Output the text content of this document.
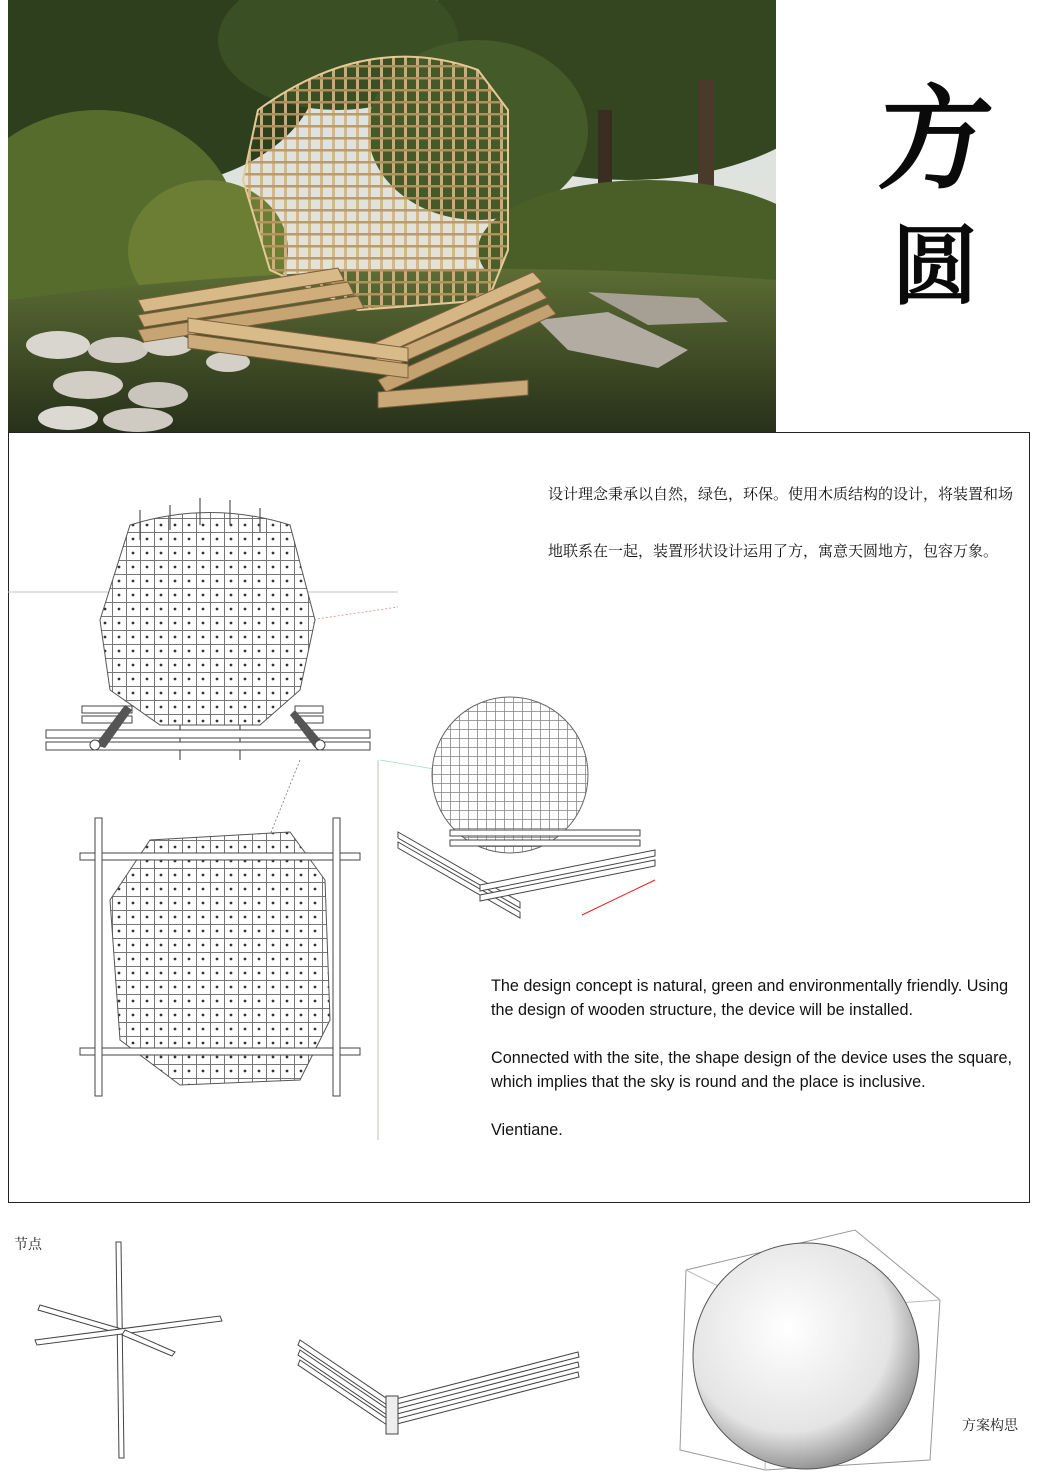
方
圆

设计理念秉承以自然，绿色，环保。使用木质结构的设计，将装置和场地联系在一起，装置形状设计运用了方，寓意天圆地方，包容万象。

The design concept is natural, green and environmentally friendly. Using the design of wooden structure, the device will be installed.

Connected with the site, the shape design of the device uses the square, which implies that the sky is round and the place is inclusive.

Vientiane.

节点
方案构思
